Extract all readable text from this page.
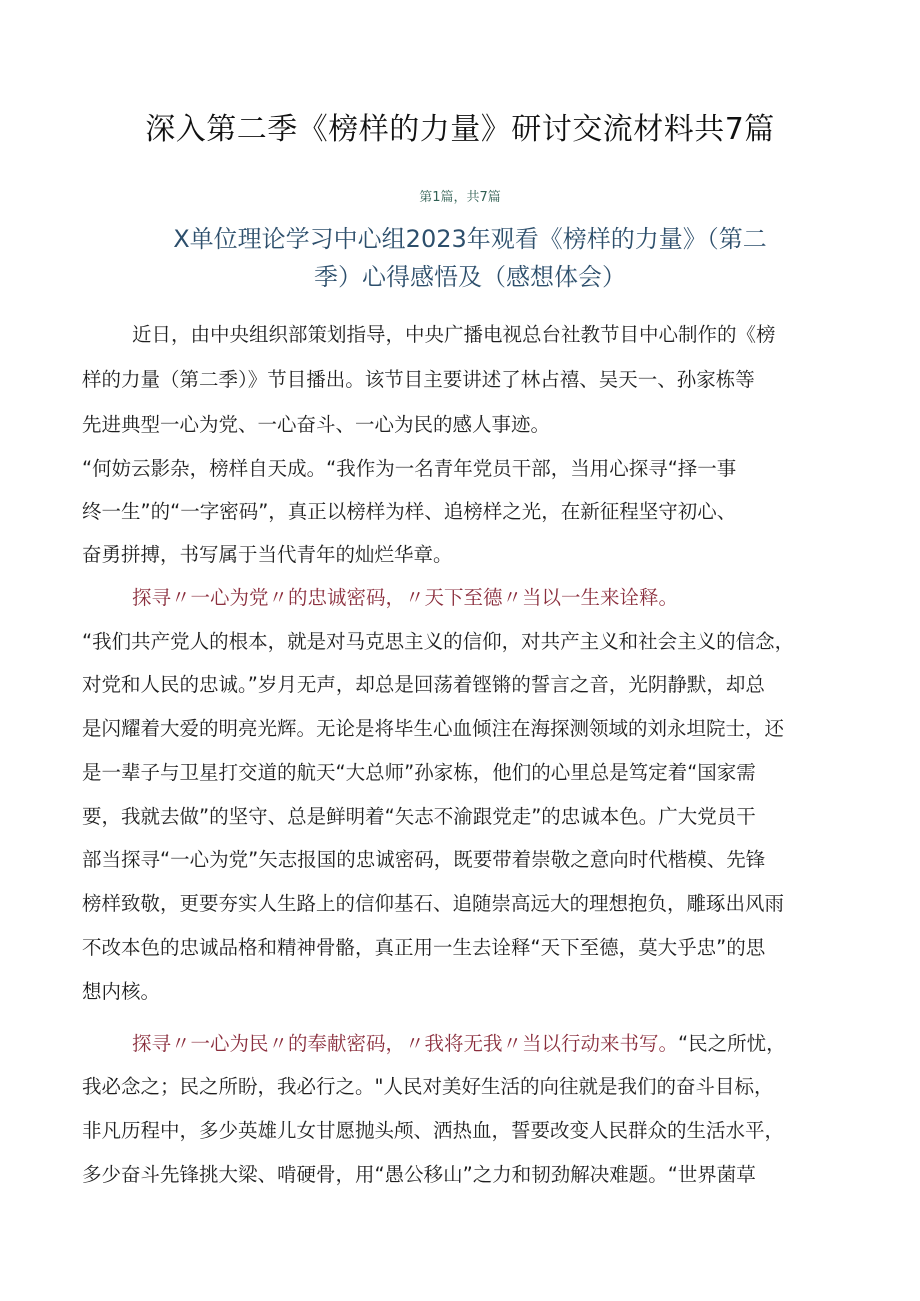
深入第二季《榜样的力量》研讨交流材料共7篇
第1篇，共7篇
X单位理论学习中心组2023年观看《榜样的力量》（第二
季）心得感悟及（感想体会）
近日，由中央组织部策划指导，中央广播电视总台社教节目中心制作的《榜
样的力量（第二季）》节目播出。该节目主要讲述了林占禧、吴天一、孙家栋等
先进典型一心为党、一心奋斗、一心为民的感人事迹。
“何妨云影杂，榜样自天成。“我作为一名青年党员干部，当用心探寻“择一事
终一生”的“一字密码”，真正以榜样为样、追榜样之光，在新征程坚守初心、
奋勇拼搏，书写属于当代青年的灿烂华章。
探寻〃一心为党〃的忠诚密码，〃天下至德〃当以一生来诠释。
“我们共产党人的根本，就是对马克思主义的信仰，对共产主义和社会主义的信念，
对党和人民的忠诚。”岁月无声，却总是回荡着铿锵的誓言之音，光阴静默，却总
是闪耀着大爱的明亮光辉。无论是将毕生心血倾注在海探测领域的刘永坦院士，还
是一辈子与卫星打交道的航天“大总师”孙家栋，他们的心里总是笃定着“国家需
要，我就去做”的坚守、总是鲜明着“矢志不渝跟党走”的忠诚本色。广大党员干
部当探寻“一心为党”矢志报国的忠诚密码，既要带着崇敬之意向时代楷模、先锋
榜样致敬，更要夯实人生路上的信仰基石、追随崇高远大的理想抱负，雕琢出风雨
不改本色的忠诚品格和精神骨骼，真正用一生去诠释“天下至德，莫大乎忠”的思
想内核。
探寻〃一心为民〃的奉献密码，〃我将无我〃当以行动来书写。“民之所忧，
我必念之；民之所盼，我必行之。"人民对美好生活的向往就是我们的奋斗目标，
非凡历程中，多少英雄儿女甘愿抛头颅、洒热血，誓要改变人民群众的生活水平，
多少奋斗先锋挑大梁、啃硬骨，用“愚公移山”之力和韧劲解决难题。“世界菌草
